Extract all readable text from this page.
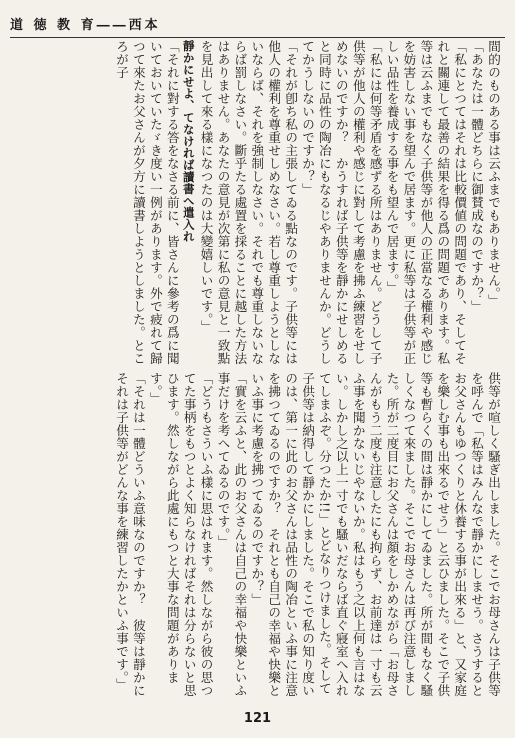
道 徳 教 育――西本

間的のものある事は云ふまでもありません。」

「あなたは一體どちらに御賛成なのですか？」

「私にとつてはそれは比較價値の問題であり、そしてそれと關連して最善の結果を得る爲の問題であります。私等は云ふまでもなく子供等が他人の正當なる權利や感じを妨害しない事を望んで居ます。更に私等は子供等が正しい品性を養成する事をも望んで居ます。」

「私には何等矛盾を感ずる所はありません。どうして子供等が他人の權利や感じに對して考慮を拂ふ練習をせしめないのですか？　かうすれば子供等を靜かにせしめると同時に品性の陶冶にもなるじやありませんか。どうしてかうしないのですか？」

「それが卽ち私の主張してゐる點なのです。子供等には他人の權利を尊重せしめなさい。若し尊重しようとしないならば、それを強制しなさい。それでも尊重しないならば罰しなさい。斷乎たる處置を採ることに越した方法はありません。あなたの意見が次第に私の意見と一致點を見出して來る樣になつたのは大變嬉しいです。」

靜かにせよ、てなければ讀書へ遣入れ

「それに對する答をなさる前に、皆さんに參考の爲に聞いておいていたゞき度い一例があります。外で疲れて歸つて來たお父さんが夕方に讀書しようとしました。ところが子

供等が喧しく騷ぎ出しました。そこでお母さんは子供等を呼んで「私等はみんなで靜かにしませう。さうするとお父さんもゆつくりと休養する事が出來る」と、又家庭を樂しむ事も出來るでせう」と云ひました。そこで子供等も暫らくの間は靜かにしてゐました。所が間もなく騷しくなつて來ました。そこでお母さんは再び注意しました。所が二度目にお父さんは顏をしかめながら「お母さんがもう二度も注意したにも拘らず、お前達は一寸も云ふ事を聞かないじやないか。私はもう之以上何も言はない。しかし之以上一寸でも騷いだならば直ぐ寢室へ入れてしまふぞ。分つたか!!」とどなりつけました。そして子供等は納得して靜かにしました。そこで私の知り度いのは、第一に此のお父さんは品性の陶冶といふ事に注意を拂つてゐるのですか？　それとも自己の幸福や快樂といふ事に考慮を拂つてゐるのですか？」

「實を云ふと、此のお父さんは自己の幸福や快樂といふ事だけを考へてゐるのです。」

「どうもさういふ樣に思はれます。然しながら彼の思つてた事柄をもつとよく知らなければそれは分らないと思ひます。然しながら此處にもつと大事な問題があります。」

「それは一體どういふ意味なのですか？　彼等は靜かにそれは子供等がどんな事を練習したかといふ事です。」

121
